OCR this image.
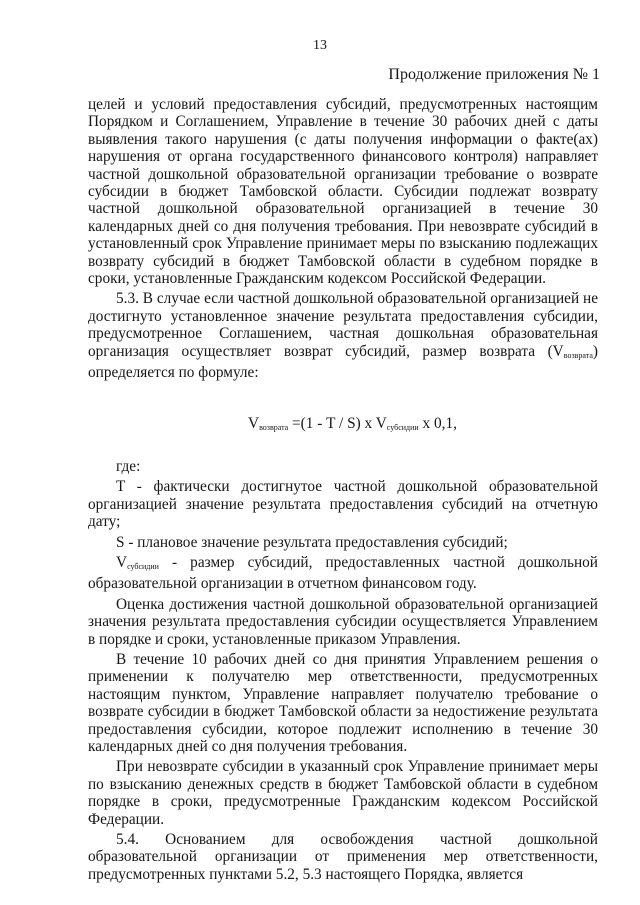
13
Продолжение приложения № 1

целей и условий предоставления субсидий, предусмотренных настоящим Порядком и Соглашением, Управление в течение 30 рабочих дней с даты выявления такого нарушения (с даты получения информации о факте(ах) нарушения от органа государственного финансового контроля) направляет частной дошкольной образовательной организации требование о возврате субсидии в бюджет Тамбовской области. Субсидии подлежат возврату частной дошкольной образовательной организацией в течение 30 календарных дней со дня получения требования. При невозврате субсидий в установленный срок Управление принимает меры по взысканию подлежащих возврату субсидий в бюджет Тамбовской области в судебном порядке в сроки, установленные Гражданским кодексом Российской Федерации.

5.3. В случае если частной дошкольной образовательной организацией не достигнуто установленное значение результата предоставления субсидии, предусмотренное Соглашением, частная дошкольная образовательная организация осуществляет возврат субсидий, размер возврата $(V_{возврата})$ определяется по формуле:

$V_{возврата} =(1 - T / S)$ x $V_{субсидии}$ x 0,1,
где:

T - фактически достигнутое частной дошкольной образовательной организацией значение результата предоставления субсидий на отчетную дату;

S - плановое значение результата предоставления субсидий;

$V_{субсидии}$ - размер субсидий, предоставленных частной дошкольной образовательной организации в отчетном финансовом году.

Оценка достижения частной дошкольной образовательной организацией значения результата предоставления субсидии осуществляется Управлением в порядке и сроки, установленные приказом Управления.

В течение 10 рабочих дней со дня принятия Управлением решения о применении к получателю мер ответственности, предусмотренных настоящим пунктом, Управление направляет получателю требование о возврате субсидии в бюджет Тамбовской области за недостижение результата предоставления субсидии, которое подлежит исполнению в течение 30 календарных дней со дня получения требования.

При невозврате субсидии в указанный срок Управление принимает меры по взысканию денежных средств в бюджет Тамбовской области в судебном порядке в сроки, предусмотренные Гражданским кодексом Российской Федерации.

5.4. Основанием для освобождения частной дошкольной образовательной организации от применения мер ответственности, предусмотренных пунктами 5.2, 5.3 настоящего Порядка, является
